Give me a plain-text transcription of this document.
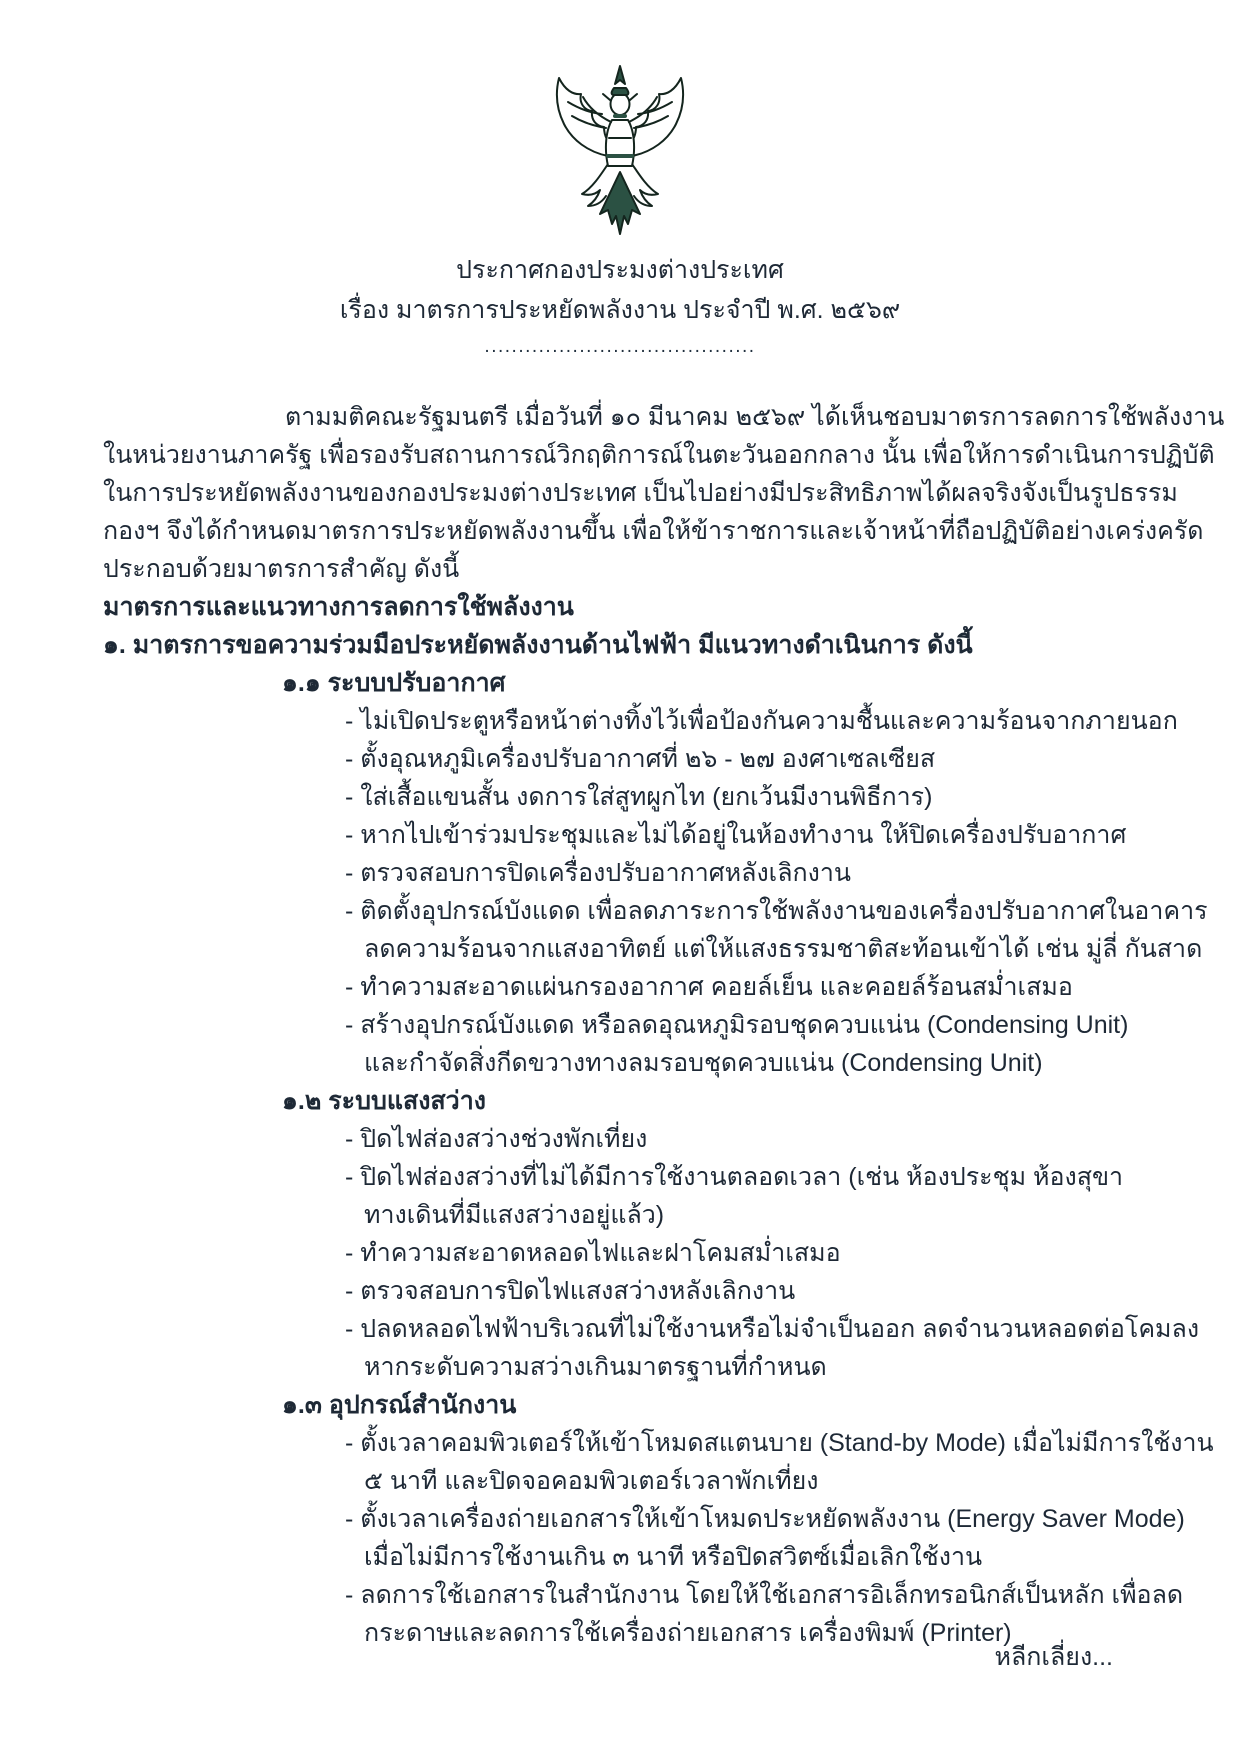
ประกาศกองประมงต่างประเทศ
เรื่อง มาตรการประหยัดพลังงาน ประจำปี พ.ศ. ๒๕๖๙
........................................
ตามมติคณะรัฐมนตรี เมื่อวันที่ ๑๐ มีนาคม ๒๕๖๙ ได้เห็นชอบมาตรการลดการใช้พลังงาน
ในหน่วยงานภาครัฐ เพื่อรองรับสถานการณ์วิกฤติการณ์ในตะวันออกกลาง นั้น เพื่อให้การดำเนินการปฏิบัติ
ในการประหยัดพลังงานของกองประมงต่างประเทศ เป็นไปอย่างมีประสิทธิภาพได้ผลจริงจังเป็นรูปธรรม
กองฯ จึงได้กำหนดมาตรการประหยัดพลังงานขึ้น เพื่อให้ข้าราชการและเจ้าหน้าที่ถือปฏิบัติอย่างเคร่งครัด
ประกอบด้วยมาตรการสำคัญ ดังนี้
มาตรการและแนวทางการลดการใช้พลังงาน
๑. มาตรการขอความร่วมมือประหยัดพลังงานด้านไฟฟ้า มีแนวทางดำเนินการ ดังนี้
๑.๑ ระบบปรับอากาศ
- ไม่เปิดประตูหรือหน้าต่างทิ้งไว้เพื่อป้องกันความชื้นและความร้อนจากภายนอก
- ตั้งอุณหภูมิเครื่องปรับอากาศที่ ๒๖ - ๒๗ องศาเซลเซียส
- ใส่เสื้อแขนสั้น งดการใส่สูทผูกไท (ยกเว้นมีงานพิธีการ)
- หากไปเข้าร่วมประชุมและไม่ได้อยู่ในห้องทำงาน ให้ปิดเครื่องปรับอากาศ
- ตรวจสอบการปิดเครื่องปรับอากาศหลังเลิกงาน
- ติดตั้งอุปกรณ์บังแดด เพื่อลดภาระการใช้พลังงานของเครื่องปรับอากาศในอาคาร
ลดความร้อนจากแสงอาทิตย์ แต่ให้แสงธรรมชาติสะท้อนเข้าได้ เช่น มู่ลี่ กันสาด
- ทำความสะอาดแผ่นกรองอากาศ คอยล์เย็น และคอยล์ร้อนสม่ำเสมอ
- สร้างอุปกรณ์บังแดด หรือลดอุณหภูมิรอบชุดควบแน่น (Condensing Unit)
และกำจัดสิ่งกีดขวางทางลมรอบชุดควบแน่น (Condensing Unit)
๑.๒ ระบบแสงสว่าง
- ปิดไฟส่องสว่างช่วงพักเที่ยง
- ปิดไฟส่องสว่างที่ไม่ได้มีการใช้งานตลอดเวลา (เช่น ห้องประชุม ห้องสุขา
ทางเดินที่มีแสงสว่างอยู่แล้ว)
- ทำความสะอาดหลอดไฟและฝาโคมสม่ำเสมอ
- ตรวจสอบการปิดไฟแสงสว่างหลังเลิกงาน
- ปลดหลอดไฟฟ้าบริเวณที่ไม่ใช้งานหรือไม่จำเป็นออก ลดจำนวนหลอดต่อโคมลง
หากระดับความสว่างเกินมาตรฐานที่กำหนด
๑.๓ อุปกรณ์สำนักงาน
- ตั้งเวลาคอมพิวเตอร์ให้เข้าโหมดสแตนบาย (Stand-by Mode) เมื่อไม่มีการใช้งาน
๕ นาที และปิดจอคอมพิวเตอร์เวลาพักเที่ยง
- ตั้งเวลาเครื่องถ่ายเอกสารให้เข้าโหมดประหยัดพลังงาน (Energy Saver Mode)
เมื่อไม่มีการใช้งานเกิน ๓ นาที หรือปิดสวิตซ์เมื่อเลิกใช้งาน
- ลดการใช้เอกสารในสำนักงาน โดยให้ใช้เอกสารอิเล็กทรอนิกส์เป็นหลัก เพื่อลด
กระดาษและลดการใช้เครื่องถ่ายเอกสาร เครื่องพิมพ์ (Printer)
หลีกเลี่ยง...
